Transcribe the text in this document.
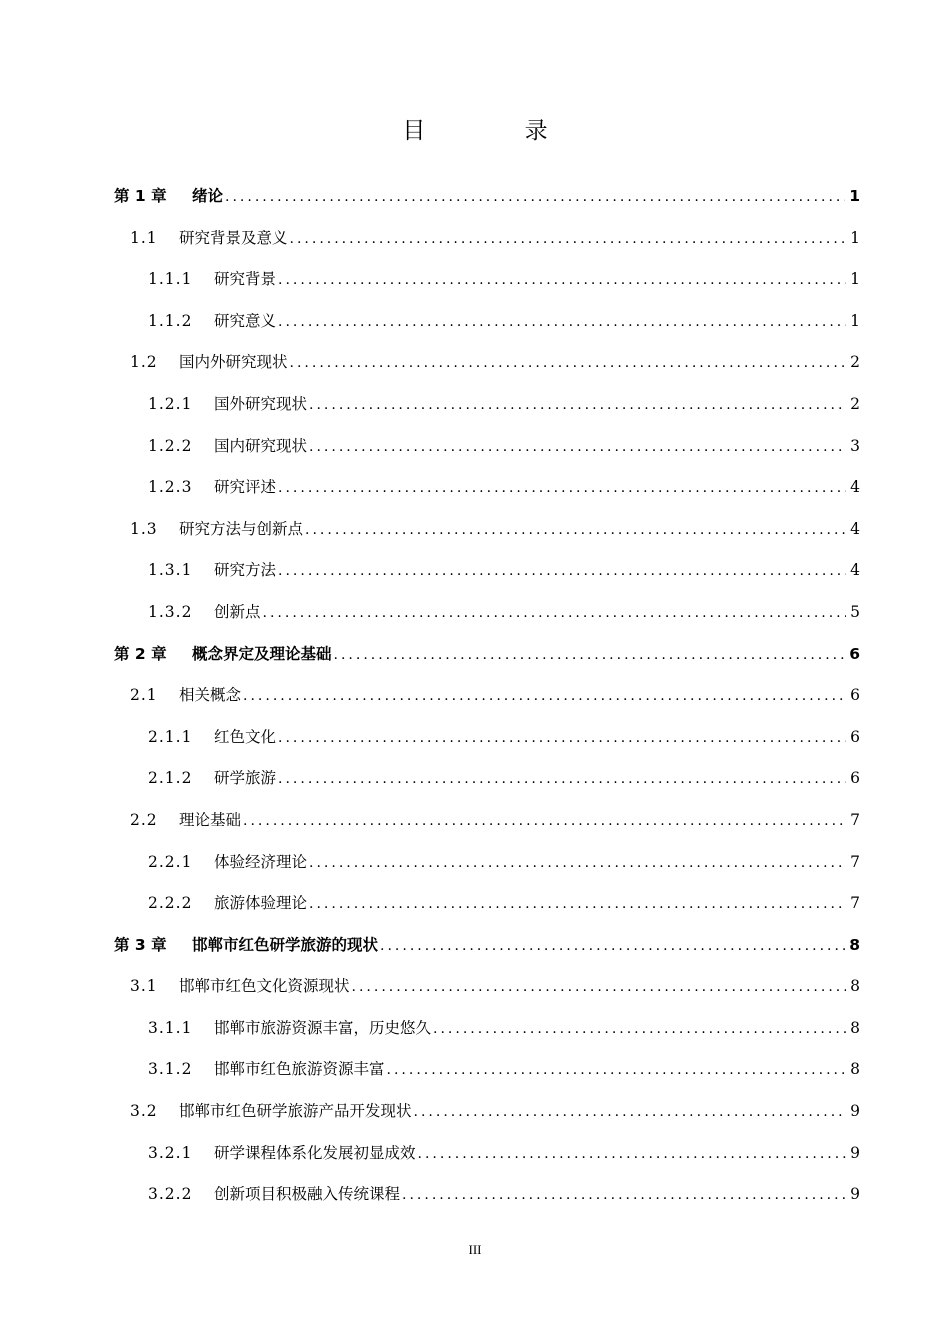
目 录
第 1 章	绪论 .....	1
1.1	研究背景及意义 .....	1
1.1.1	研究背景 .....	1
1.1.2	研究意义 .....	1
1.2	国内外研究现状 .....	2
1.2.1	国外研究现状 .....	2
1.2.2	国内研究现状 .....	3
1.2.3	研究评述 .....	4
1.3	研究方法与创新点 .....	4
1.3.1	研究方法 .....	4
1.3.2	创新点 .....	5
第 2 章	概念界定及理论基础 .....	6
2.1	相关概念 .....	6
2.1.1	红色文化 .....	6
2.1.2	研学旅游 .....	6
2.2	理论基础 .....	7
2.2.1	体验经济理论 .....	7
2.2.2	旅游体验理论 .....	7
第 3 章	邯郸市红色研学旅游的现状 .....	8
3.1	邯郸市红色文化资源现状 .....	8
3.1.1	邯郸市旅游资源丰富，历史悠久 .....	8
3.1.2	邯郸市红色旅游资源丰富 .....	8
3.2	邯郸市红色研学旅游产品开发现状 .....	9
3.2.1	研学课程体系化发展初显成效 .....	9
3.2.2	创新项目积极融入传统课程 .....	9
III
